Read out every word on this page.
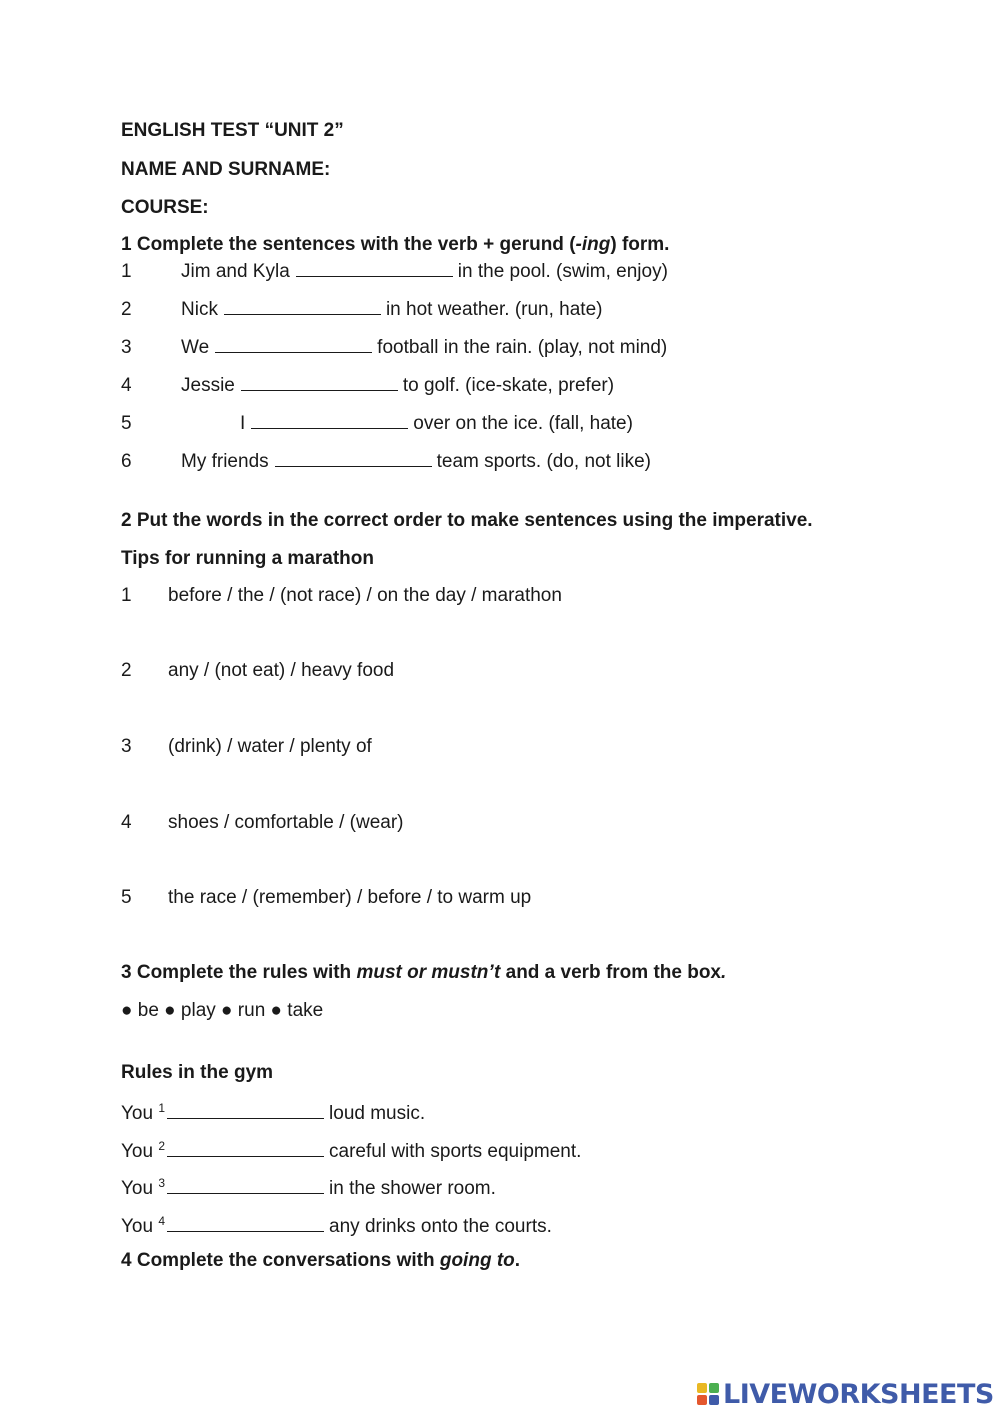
ENGLISH TEST “UNIT 2”
NAME AND SURNAME:
COURSE:
1 Complete the sentences with the verb + gerund (-ing) form.
1	Jim and Kyla	in the pool. (swim, enjoy)
2	Nick	in hot weather. (run, hate)
3	We	football in the rain. (play, not mind)
4	Jessie	to golf. (ice-skate, prefer)
5	I	over on the ice. (fall, hate)
6	My friends	team sports. (do, not like)
2 Put the words in the correct order to make sentences using the imperative.
Tips for running a marathon
1 before / the / (not race) / on the day / marathon
2 any / (not eat) / heavy food
3 (drink) / water / plenty of
4 shoes / comfortable / (wear)
5 the race / (remember) / before / to warm up
3 Complete the rules with must or mustn’t and a verb from the box.
● be ● play ● run ● take
Rules in the gym
You $^1$	loud music.
You $^2$	careful with sports equipment.
You $^3$	in the shower room.
You $^4$	any drinks onto the courts.
4 Complete the conversations with going to.
LIVEWORKSHEETS
